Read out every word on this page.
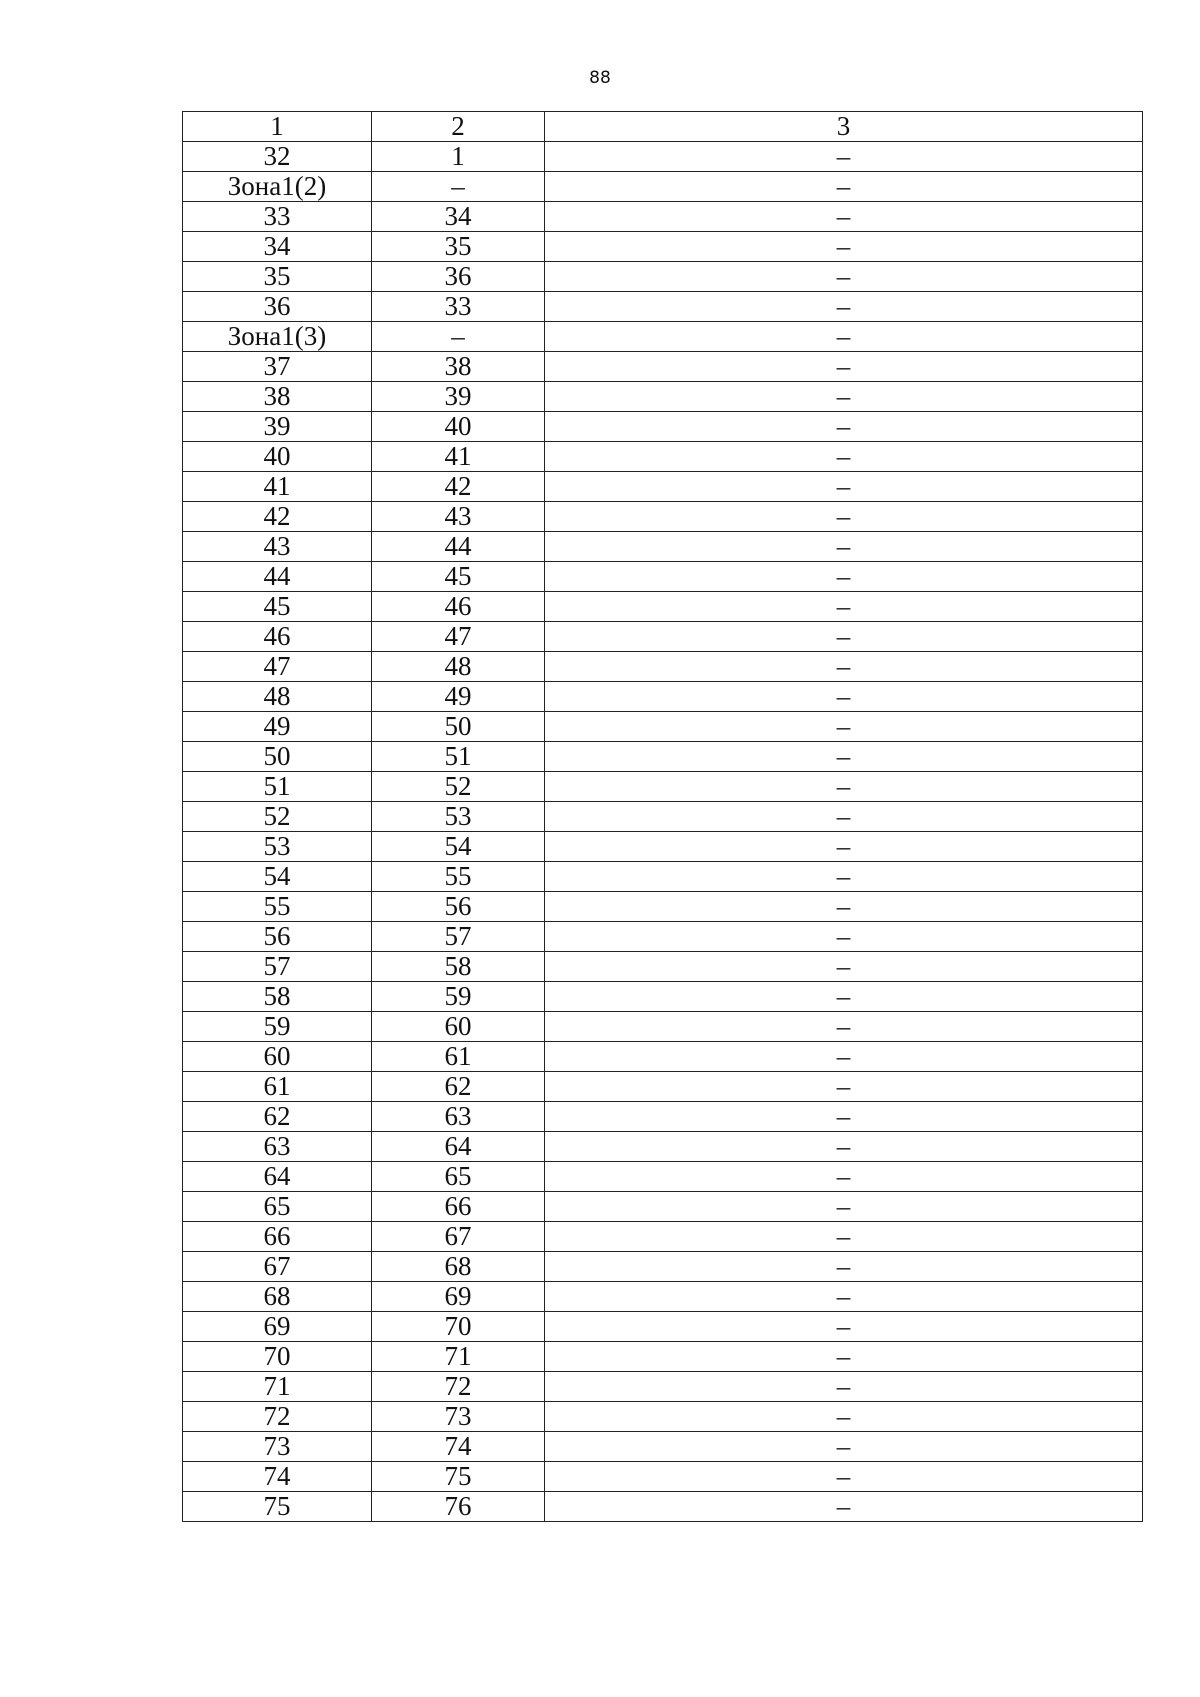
88
1	2	3
32	1	–
Зона1(2)	–	–
33	34	–
34	35	–
35	36	–
36	33	–
Зона1(3)	–	–
37	38	–
38	39	–
39	40	–
40	41	–
41	42	–
42	43	–
43	44	–
44	45	–
45	46	–
46	47	–
47	48	–
48	49	–
49	50	–
50	51	–
51	52	–
52	53	–
53	54	–
54	55	–
55	56	–
56	57	–
57	58	–
58	59	–
59	60	–
60	61	–
61	62	–
62	63	–
63	64	–
64	65	–
65	66	–
66	67	–
67	68	–
68	69	–
69	70	–
70	71	–
71	72	–
72	73	–
73	74	–
74	75	–
75	76	–
